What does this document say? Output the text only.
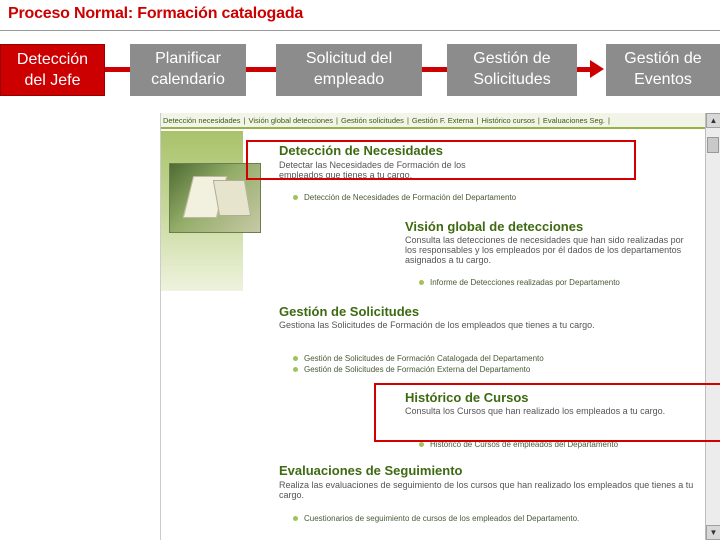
Proceso Normal: Formación catalogada
Detección
del Jefe
Planificar
calendario
Solicitud del
empleado
Gestión de
Solicitudes
Gestión de
Eventos
Detección necesidades | Visión global detecciones | Gestión solicitudes | Gestión F. Externa | Histórico cursos | Evaluaciones Seg. |
Detección de Necesidades
Detectar las Necesidades de Formación de los empleados que tienes a tu cargo.
Detección de Necesidades de Formación del Departamento
Visión global de detecciones
Consulta las detecciones de necesidades que han sido realizadas por los responsables y los empleados por él dados de los departamentos asignados a tu cargo.
Informe de Detecciones realizadas por Departamento
Gestión de Solicitudes
Gestiona las Solicitudes de Formación de los empleados que tienes a tu cargo.
Gestión de Solicitudes de Formación Catalogada del Departamento
Gestión de Solicitudes de Formación Externa del Departamento
Histórico de Cursos
Consulta los Cursos que han realizado los empleados a tu cargo.
Histórico de Cursos de empleados del Departamento
Evaluaciones de Seguimiento
Realiza las evaluaciones de seguimiento de los cursos que han realizado los empleados que tienes a tu cargo.
Cuestionarios de seguimiento de cursos de los empleados del Departamento.
▲
▼
